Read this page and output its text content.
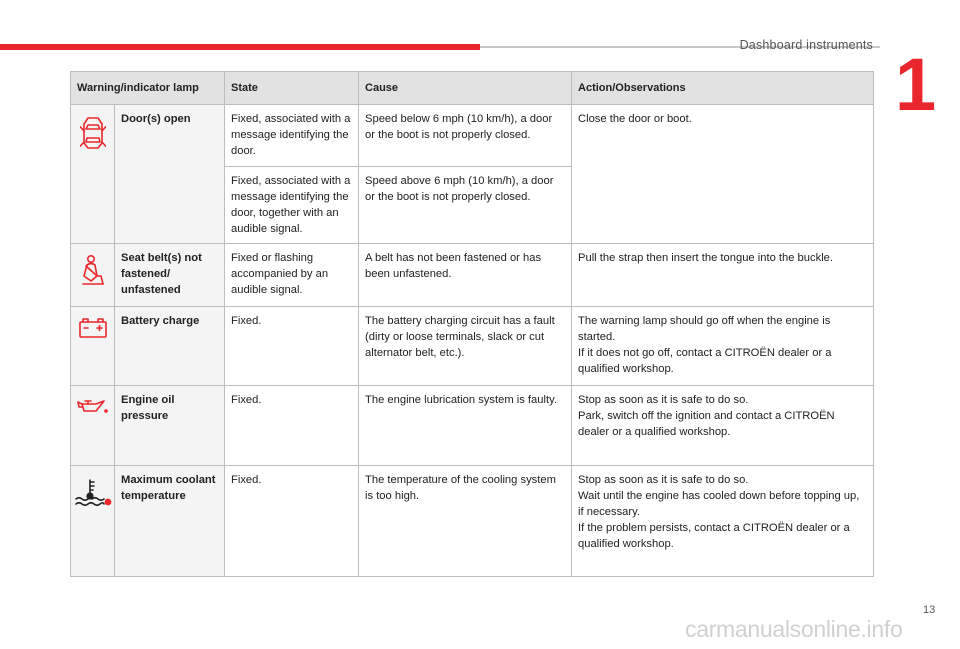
Dashboard instruments 1
Warning/indicator lamp		State	Cause	Action/Observations
	Door(s) open	Fixed, associated with a message identifying the door.	Speed below 6 mph (10 km/h), a door or the boot is not properly closed.	Close the door or boot.
		Fixed, associated with a message identifying the door, together with an audible signal.	Speed above 6 mph (10 km/h), a door or the boot is not properly closed.	
	Seat belt(s) not fastened/ unfastened	Fixed or flashing accompanied by an audible signal.	A belt has not been fastened or has been unfastened.	Pull the strap then insert the tongue into the buckle.
	Battery charge	Fixed.	The battery charging circuit has a fault (dirty or loose terminals, slack or cut alternator belt, etc.).	The warning lamp should go off when the engine is started.
If it does not go off, contact a CITROËN dealer or a qualified workshop.
	Engine oil pressure	Fixed.	The engine lubrication system is faulty.	Stop as soon as it is safe to do so.
Park, switch off the ignition and contact a CITROËN dealer or a qualified workshop.
	Maximum coolant temperature	Fixed.	The temperature of the cooling system is too high.	Stop as soon as it is safe to do so.
Wait until the engine has cooled down before topping up, if necessary.
If the problem persists, contact a CITROËN dealer or a qualified workshop.
13
carmanualsonline.info
